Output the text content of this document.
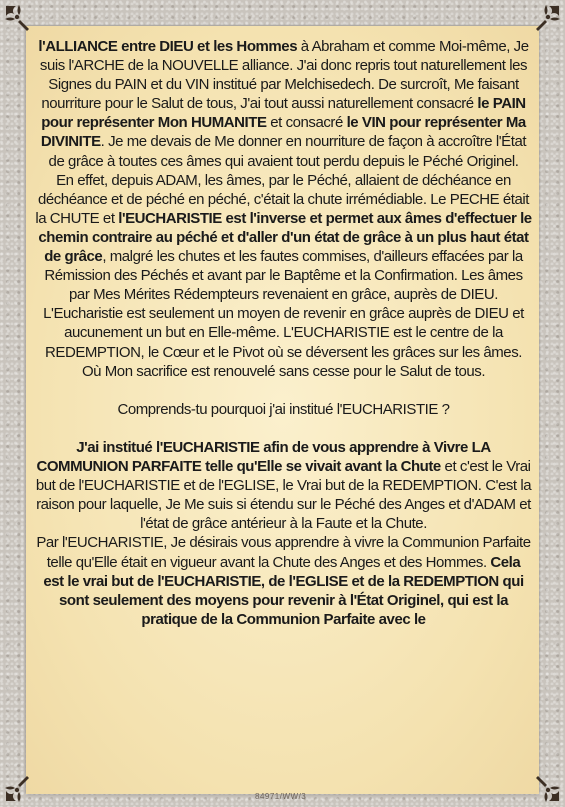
l'ALLIANCE entre DIEU et les Hommes à Abraham et comme Moi-même, Je suis l'ARCHE de la NOUVELLE alliance. J'ai donc repris tout naturellement les Signes du PAIN et du VIN institué par Melchisedech. De surcroît, Me faisant nourriture pour le Salut de tous, J'ai tout aussi naturellement consacré le PAIN pour représenter Mon HUMANITE et consacré le VIN pour représenter Ma DIVINITE. Je me devais de Me donner en nourriture de façon à accroître l'État de grâce à toutes ces âmes qui avaient tout perdu depuis le Péché Originel.

En effet, depuis ADAM, les âmes, par le Péché, allaient de déchéance en déchéance et de péché en péché, c'était la chute irrémédiable. Le PECHE était la CHUTE et l'EUCHARISTIE est l'inverse et permet aux âmes d'effectuer le chemin contraire au péché et d'aller d'un état de grâce à un plus haut état de grâce, malgré les chutes et les fautes commises, d'ailleurs effacées par la Rémission des Péchés et avant par le Baptême et la Confirmation. Les âmes par Mes Mérites Rédempteurs revenaient en grâce, auprès de DIEU. L'Eucharistie est seulement un moyen de revenir en grâce auprès de DIEU et aucunement un but en Elle-même. L'EUCHARISTIE est le centre de la REDEMPTION, le Cœur et le Pivot où se déversent les grâces sur les âmes. Où Mon sacrifice est renouvelé sans cesse pour le Salut de tous.

Comprends-tu pourquoi j'ai institué l'EUCHARISTIE ?

J'ai institué l'EUCHARISTIE afin de vous apprendre à Vivre LA COMMUNION PARFAITE telle qu'Elle se vivait avant la Chute et c'est le Vrai but de l'EUCHARISTIE et de l'EGLISE, le Vrai but de la REDEMPTION. C'est la raison pour laquelle, Je Me suis si étendu sur le Péché des Anges et d'ADAM et l'état de grâce antérieur à la Faute et la Chute.

Par l'EUCHARISTIE, Je désirais vous apprendre à vivre la Communion Parfaite telle qu'Elle était en vigueur avant la Chute des Anges et des Hommes. Cela est le vrai but de l'EUCHARISTIE, de l'EGLISE et de la REDEMPTION qui sont seulement des moyens pour revenir à l'État Originel, qui est la pratique de la Communion Parfaite avec le

84971/WW/3
